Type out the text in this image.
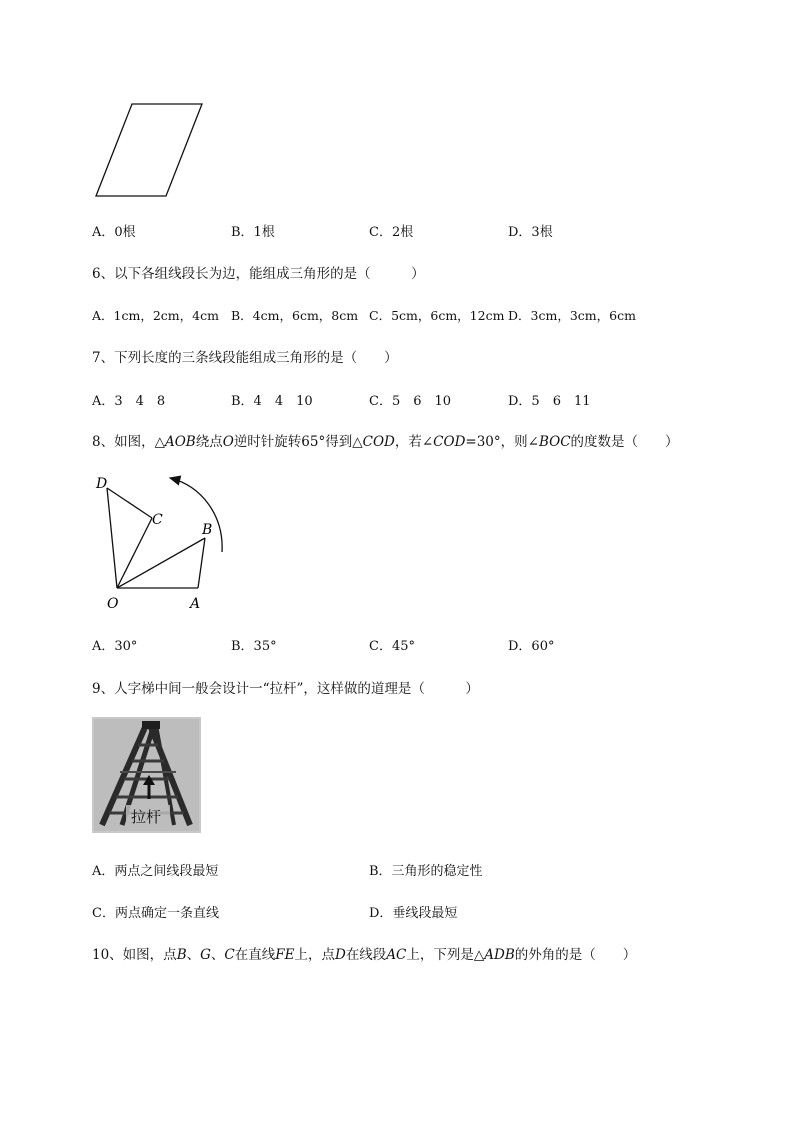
A．0根	B．1根	C．2根	D．3根
6、以下各组线段长为边，能组成三角形的是（　　　）
A．1cm，2cm，4cm B．4cm，6cm，8cm C．5cm，6cm，12cm D．3cm，3cm，6cm
7、下列长度的三条线段能组成三角形的是（　　）
A．3　4　8	B．4　4　10	C．5　6　10	D．5　6　11
8、如图，△AOB绕点O逆时针旋转65°得到△COD，若∠COD=30°，则∠BOC的度数是（　　）
D
C
B
O	A
A．30°	B．35°	C．45°	D．60°
9、人字梯中间一般会设计一“拉杆”，这样做的道理是（　　　）
拉杆
A．两点之间线段最短	B．三角形的稳定性
C．两点确定一条直线	D．垂线段最短
10、如图，点B、G、C在直线FE上，点D在线段AC上，下列是△ADB的外角的是（　　）
